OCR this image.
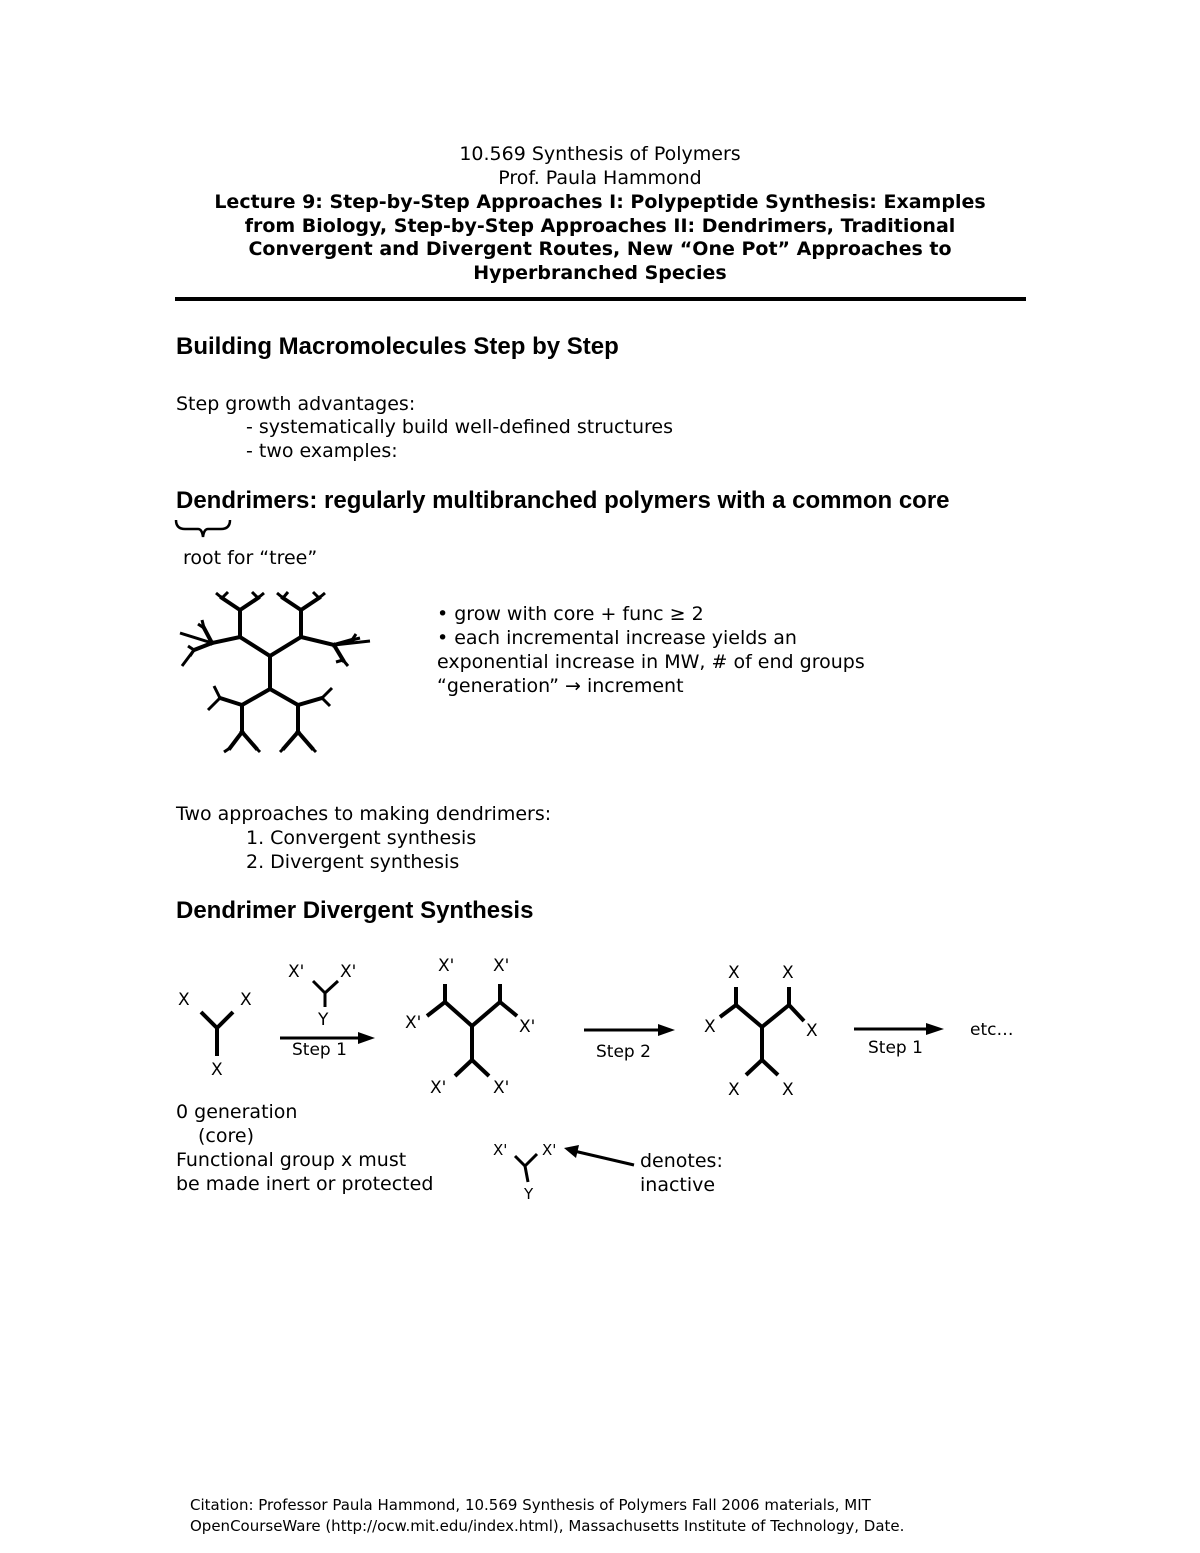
10.569 Synthesis of Polymers
Prof. Paula Hammond
Lecture 9: Step-by-Step Approaches I: Polypeptide Synthesis: Examples
from Biology, Step-by-Step Approaches II: Dendrimers, Traditional
Convergent and Divergent Routes, New “One Pot” Approaches to
Hyperbranched Species
Building Macromolecules Step by Step
Step growth advantages:
- systematically build well-defined structures
- two examples:
Dendrimers: regularly multibranched polymers with a common core
root for “tree”
• grow with core + func ≥ 2
• each incremental increase yields an
exponential increase in MW, # of end groups
“generation” → increment
Two approaches to making dendrimers:
1. Convergent synthesis
2. Divergent synthesis
Dendrimer Divergent Synthesis
X	X
X
X' X'
Y
Step 1
X' X'
X'	X'
X'	X'
Step 2
X X
X	X
X X
Step 1
etc…
0 generation
(core)
Functional group x must
be made inert or protected
X' X'
Y
denotes:
inactive
Citation: Professor Paula Hammond, 10.569 Synthesis of Polymers Fall 2006 materials, MIT
OpenCourseWare (http://ocw.mit.edu/index.html), Massachusetts Institute of Technology, Date.
